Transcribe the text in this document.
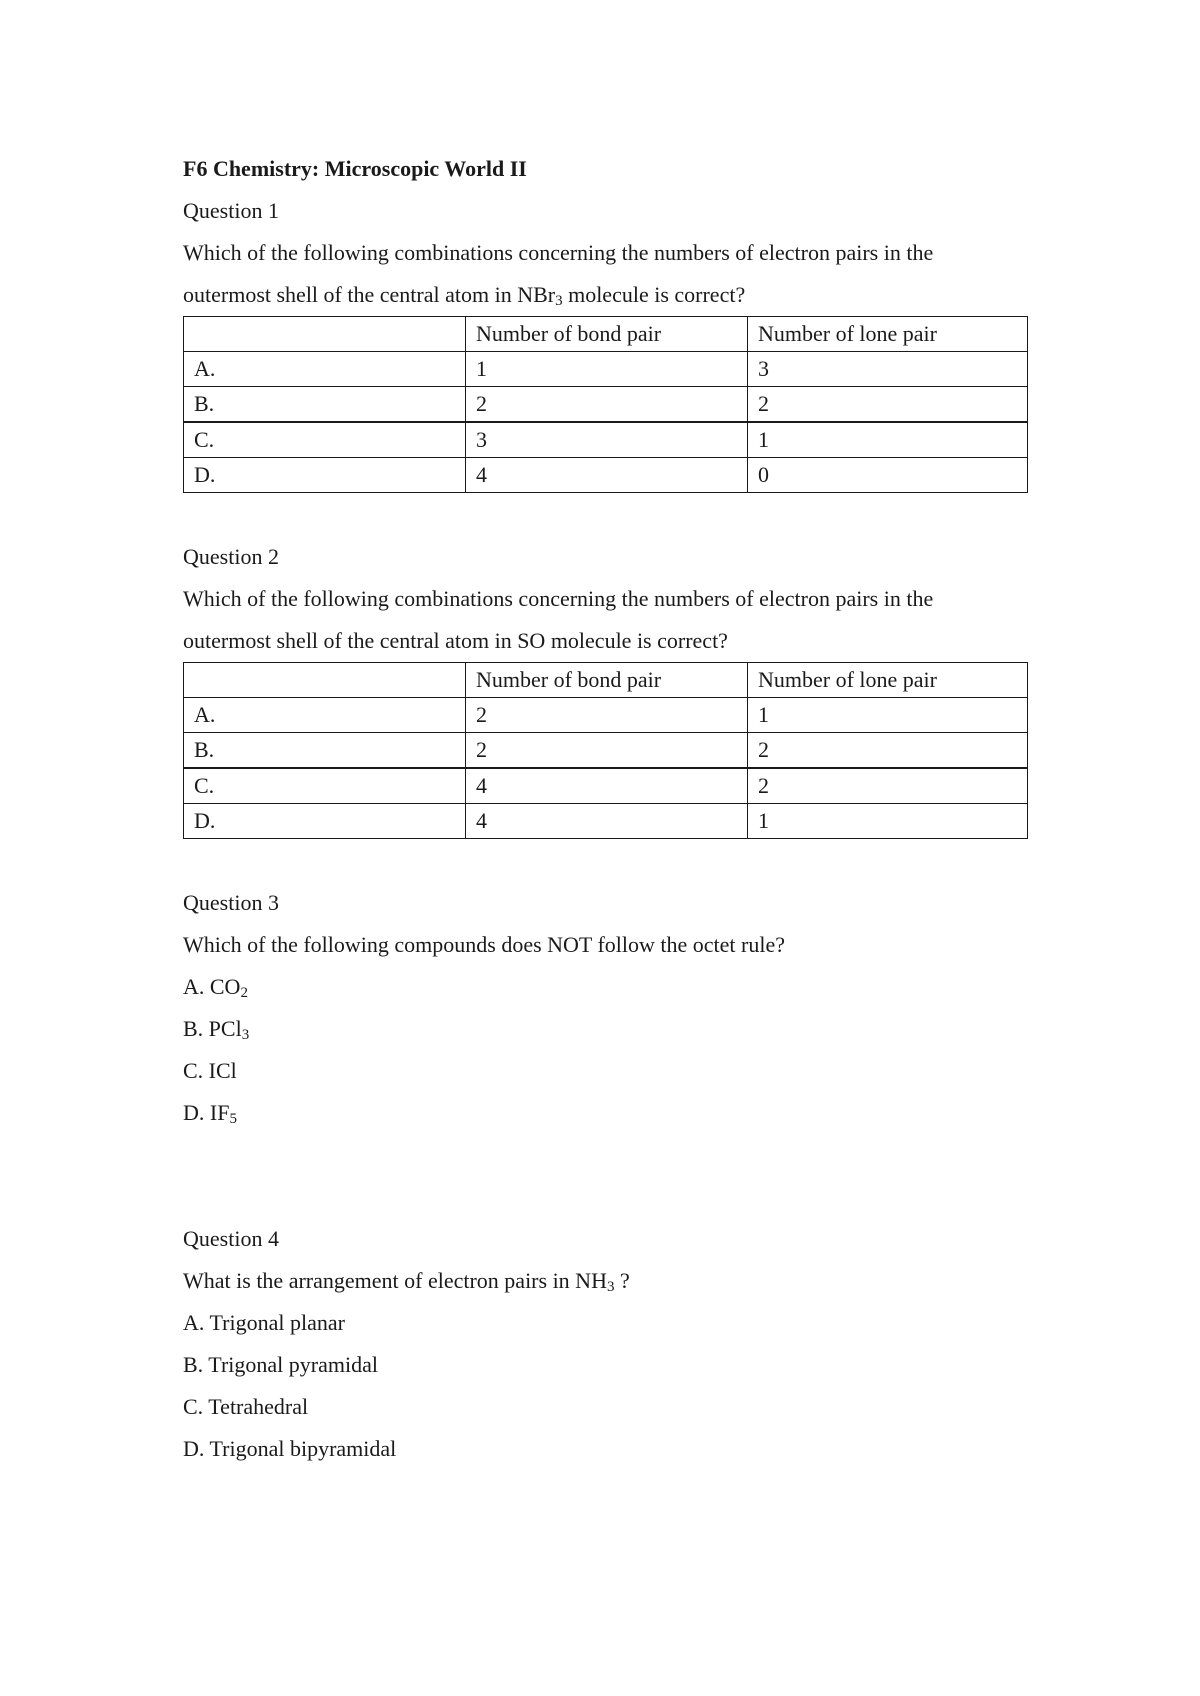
F6 Chemistry: Microscopic World II
Question 1
Which of the following combinations concerning the numbers of electron pairs in the
outermost shell of the central atom in NBr$_3$ molecule is correct?
	Number of bond pair	Number of lone pair
A.	1	3
B.	2	2
C.	3	1
D.	4	0
Question 2
Which of the following combinations concerning the numbers of electron pairs in the
outermost shell of the central atom in SO molecule is correct?
	Number of bond pair	Number of lone pair
A.	2	1
B.	2	2
C.	4	2
D.	4	1
Question 3
Which of the following compounds does NOT follow the octet rule?
A. $CO_2$
B. PCl$_3$
C. ICl
D. $IF_5$
Question 4
What is the arrangement of electron pairs in $NH_3$ ?
A. Trigonal planar
B. Trigonal pyramidal
C. Tetrahedral
D. Trigonal bipyramidal
